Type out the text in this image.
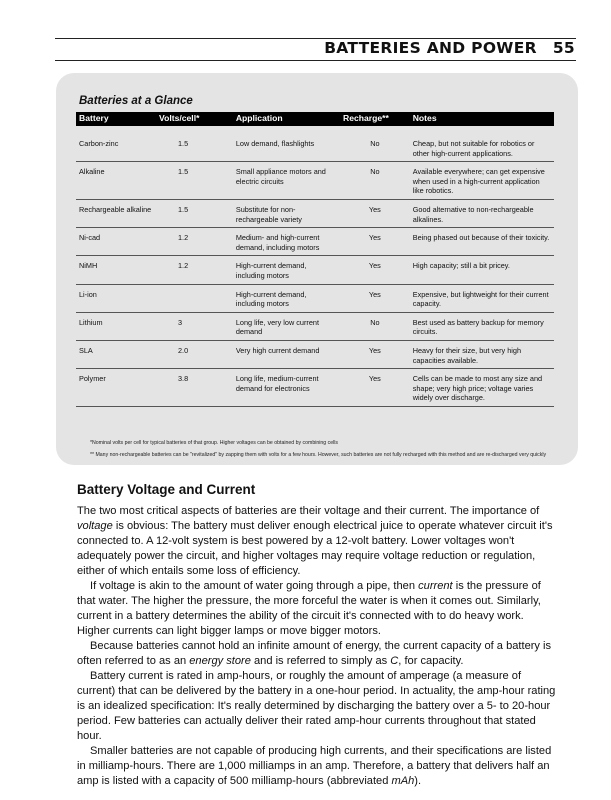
BATTERIES AND POWER 55
Batteries at a Glance
Battery	Volts/cell*	Application	Recharge**	Notes
Carbon-zinc	1.5	Low demand, flashlights	No	Cheap, but not suitable for robotics or other high-current applications.
Alkaline	1.5	Small appliance motors and electric circuits	No	Available everywhere; can get expensive when used in a high-current application like robotics.
Rechargeable alkaline	1.5	Substitute for non-rechargeable variety	Yes	Good alternative to non-rechargeable alkalines.
Ni-cad	1.2	Medium- and high-current demand, including motors	Yes	Being phased out because of their toxicity.
NiMH	1.2	High-current demand, including motors	Yes	High capacity; still a bit pricey.
Li-ion		High-current demand, including motors	Yes	Expensive, but lightweight for their current capacity.
Lithium	3	Long life, very low current demand	No	Best used as battery backup for memory circuits.
SLA	2.0	Very high current demand	Yes	Heavy for their size, but very high capacities available.
Polymer	3.8	Long life, medium-current demand for electronics	Yes	Cells can be made to most any size and shape; very high price; voltage varies widely over discharge.
*Nominal volts per cell for typical batteries of that group. Higher voltages can be obtained by combining cells
** Many non-rechargeable batteries can be "revitalized" by zapping them with volts for a few hours. However, such batteries are not fully recharged with this method and are re-discharged very quickly
Battery Voltage and Current

The two most critical aspects of batteries are their voltage and their current. The importance of voltage is obvious: The battery must deliver enough electrical juice to operate whatever circuit it's connected to. A 12-volt system is best powered by a 12-volt battery. Lower voltages won't adequately power the circuit, and higher voltages may require voltage reduction or regulation, either of which entails some loss of efficiency.

If voltage is akin to the amount of water going through a pipe, then current is the pressure of that water. The higher the pressure, the more forceful the water is when it comes out. Similarly, current in a battery determines the ability of the circuit it's connected with to do heavy work. Higher currents can light bigger lamps or move bigger motors.

Because batteries cannot hold an infinite amount of energy, the current capacity of a battery is often referred to as an energy store and is referred to simply as C, for capacity.

Battery current is rated in amp-hours, or roughly the amount of amperage (a measure of current) that can be delivered by the battery in a one-hour period. In actuality, the amp-hour rating is an idealized specification: It's really determined by discharging the battery over a 5- to 20-hour period. Few batteries can actually deliver their rated amp-hour currents throughout that stated hour.

Smaller batteries are not capable of producing high currents, and their specifications are listed in milliamp-hours. There are 1,000 milliamps in an amp. Therefore, a battery that delivers half an amp is listed with a capacity of 500 milliamp-hours (abbreviated mAh).
